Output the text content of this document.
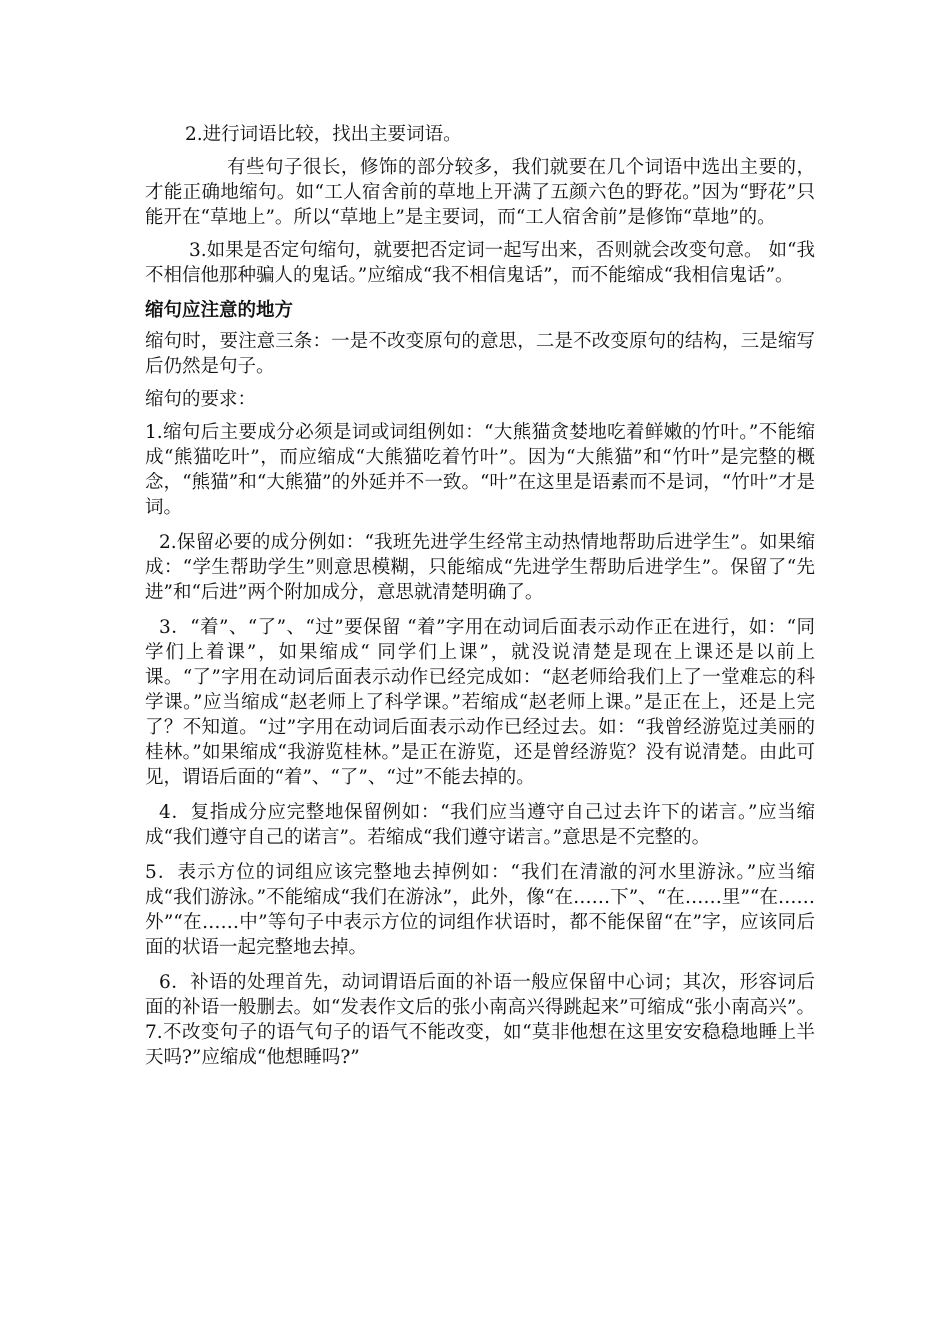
2.进行词语比较，找出主要词语。

有些句子很长，修饰的部分较多，我们就要在几个词语中选出主要的，才能正确地缩句。如“工人宿舍前的草地上开满了五颜六色的野花。”因为“野花”只能开在“草地上”。所以“草地上”是主要词，而“工人宿舍前”是修饰“草地”的。

3.如果是否定句缩句，就要把否定词一起写出来，否则就会改变句意。 如“我不相信他那种骗人的鬼话。”应缩成“我不相信鬼话”，而不能缩成“我相信鬼话”。

缩句应注意的地方

缩句时，要注意三条：一是不改变原句的意思，二是不改变原句的结构，三是缩写后仍然是句子。

缩句的要求：

1.缩句后主要成分必须是词或词组例如：“大熊猫贪婪地吃着鲜嫩的竹叶。”不能缩成“熊猫吃叶”，而应缩成“大熊猫吃着竹叶”。因为“大熊猫”和“竹叶”是完整的概念，“熊猫”和“大熊猫”的外延并不一致。“叶”在这里是语素而不是词，“竹叶”才是词。

2.保留必要的成分例如：“我班先进学生经常主动热情地帮助后进学生”。如果缩成：“学生帮助学生”则意思模糊，只能缩成“先进学生帮助后进学生”。保留了“先进”和“后进”两个附加成分，意思就清楚明确了。

3．“着”、“了”、“过”要保留 “着”字用在动词后面表示动作正在进行，如：“同学们上着课”，如果缩成“ 同学们上课”，就没说清楚是现在上课还是以前上课。“了”字用在动词后面表示动作已经完成如：“赵老师给我们上了一堂难忘的科学课。”应当缩成“赵老师上了科学课。”若缩成“赵老师上课。”是正在上，还是上完了？不知道。“过”字用在动词后面表示动作已经过去。如：“我曾经游览过美丽的桂林。”如果缩成“我游览桂林。”是正在游览，还是曾经游览？没有说清楚。由此可见，谓语后面的“着”、“了”、“过”不能去掉的。

4．复指成分应完整地保留例如：“我们应当遵守自己过去许下的诺言。”应当缩成“我们遵守自己的诺言”。若缩成“我们遵守诺言。”意思是不完整的。

5．表示方位的词组应该完整地去掉例如：“我们在清澈的河水里游泳。”应当缩成“我们游泳。”不能缩成“我们在游泳”，此外，像“在……下”、“在……里”“在……外”“在……中”等句子中表示方位的词组作状语时，都不能保留“在”字，应该同后面的状语一起完整地去掉。

6．补语的处理首先，动词谓语后面的补语一般应保留中心词；其次，形容词后面的补语一般删去。如“发表作文后的张小南高兴得跳起来”可缩成“张小南高兴”。 7.不改变句子的语气句子的语气不能改变，如“莫非他想在这里安安稳稳地睡上半天吗?”应缩成“他想睡吗?”
